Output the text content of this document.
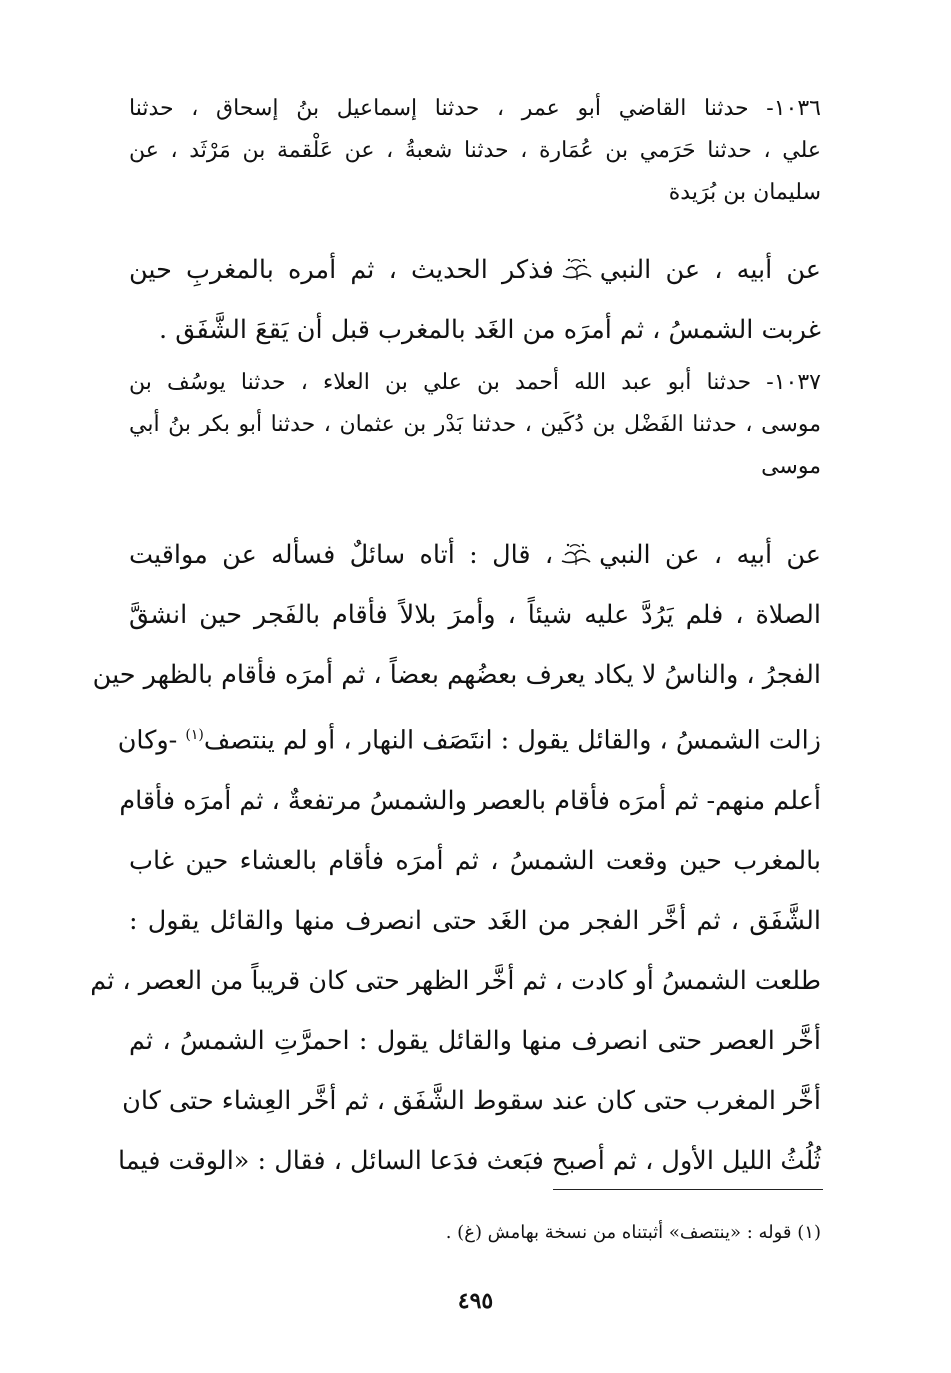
١٠٣٦- حدثنا القاضي أبو عمر ، حدثنا إسماعيل بنُ إسحاق ، حدثنا
علي ، حدثنا حَرَمي بن عُمَارة ، حدثنا شعبةُ ، عن عَلْقمة بن مَرْثَد ، عن
سليمان بن بُرَيدة
عن أبيه ، عن النبيفذكر الحديث ، ثم أمره بالمغربِ حين
غربت الشمسُ ، ثم أمرَه من الغَد بالمغرب قبل أن يَقعَ الشَّفَق .
١٠٣٧- حدثنا أبو عبد الله أحمد بن علي بن العلاء ، حدثنا يوسُف بن
موسى ، حدثنا الفَضْل بن دُكَين ، حدثنا بَدْر بن عثمان ، حدثنا أبو بكر بنُ أبي
موسى
عن أبيه ، عن النبي، قال : أتاه سائلٌ فسأله عن مواقيت
الصلاة ، فلم يَرُدَّ عليه شيئاً ، وأمرَ بلالاً فأقام بالفَجر حين انشقَّ
الفجرُ ، والناسُ لا يكاد يعرف بعضُهم بعضاً ، ثم أمرَه فأقام بالظهر حين
زالت الشمسُ ، والقائل يقول : انتَصَف النهار ، أو لم ينتصف$^{(١)}$ -وكان
أعلم منهم- ثم أمرَه فأقام بالعصر والشمسُ مرتفعةٌ ، ثم أمرَه فأقام
بالمغرب حين وقعت الشمسُ ، ثم أمرَه فأقام بالعشاء حين غاب
الشَّفَق ، ثم أخَّر الفجر من الغَد حتى انصرف منها والقائل يقول :
طلعت الشمسُ أو كادت ، ثم أخَّر الظهر حتى كان قريباً من العصر ، ثم
أخَّر العصر حتى انصرف منها والقائل يقول : احمرَّتِ الشمسُ ، ثم
أخَّر المغرب حتى كان عند سقوط الشَّفَق ، ثم أخَّر العِشاء حتى كان
ثُلُثُ الليل الأول ، ثم أصبح فبَعث فدَعا السائل ، فقال : «الوقت فيما
(١) قوله : «ينتصف» أثبتناه من نسخة بهامش (غ) .
٤٩٥
